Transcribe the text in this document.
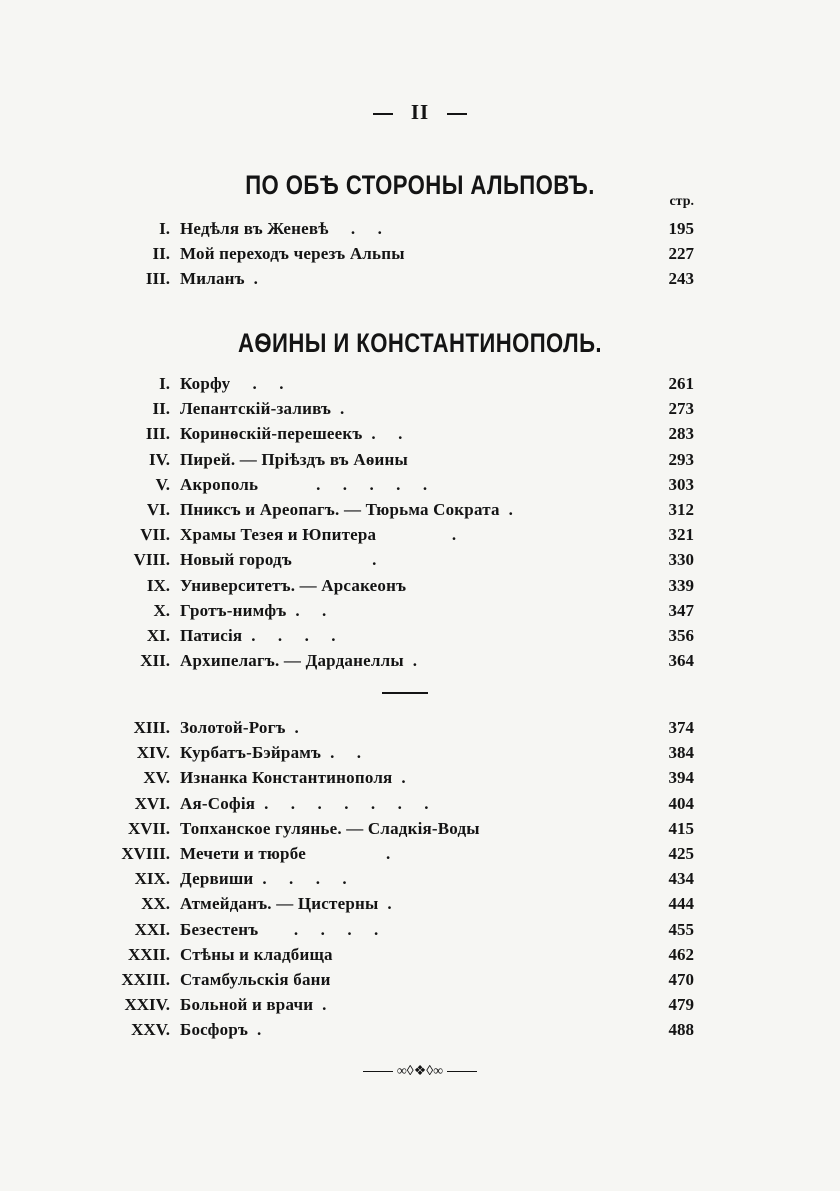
II
ПО ОБѢ СТОРОНЫ АЛЬПОВЪ.
стр.
I. Недѣля въ Женевѣ     .     .	195
II. Мой переходъ черезъ Альпы	227
III. Миланъ  .	243
АѲИНЫ И КОНСТАНТИНОПОЛЬ.
I. Корфу     .     .	261
II. Лепантскій-заливъ  .	273
III. Коринѳскій-перешеекъ  .     .	283
IV. Пирей. — Пріѣздъ въ Аѳины	293
V. Акрополь             .     .     .     .     .	303
VI. Пниксъ и Ареопагъ. — Тюрьма Сократа  .	312
VII. Храмы Тезея и Юпитера                 .	321
VIII. Новый городъ                  .	330
IX. Университетъ. — Арсакеонъ	339
X. Гротъ-нимфъ  .     .	347
XI. Патисія  .     .     .     .	356
XII. Архипелагъ. — Дарданеллы  .	364
XIII. Золотой-Рогъ  .	374
XIV. Курбатъ-Бэйрамъ  .     .	384
XV. Изнанка Константинополя  .	394
XVI. Ая-Софія  .     .     .     .     .     .     .	404
XVII. Топханское гулянье. — Сладкія-Воды	415
XVIII. Мечети и тюрбе                  .	425
XIX. Дервиши  .     .     .     .	434
XX. Атмейданъ. — Цистерны  .	444
XXI. Безестенъ        .     .     .     .	455
XXII. Стѣны и кладбища	462
XXIII. Стамбульскія бани	470
XXIV. Больной и врачи  .	479
XXV. Босфоръ  .	488
∞◊❖◊∞
